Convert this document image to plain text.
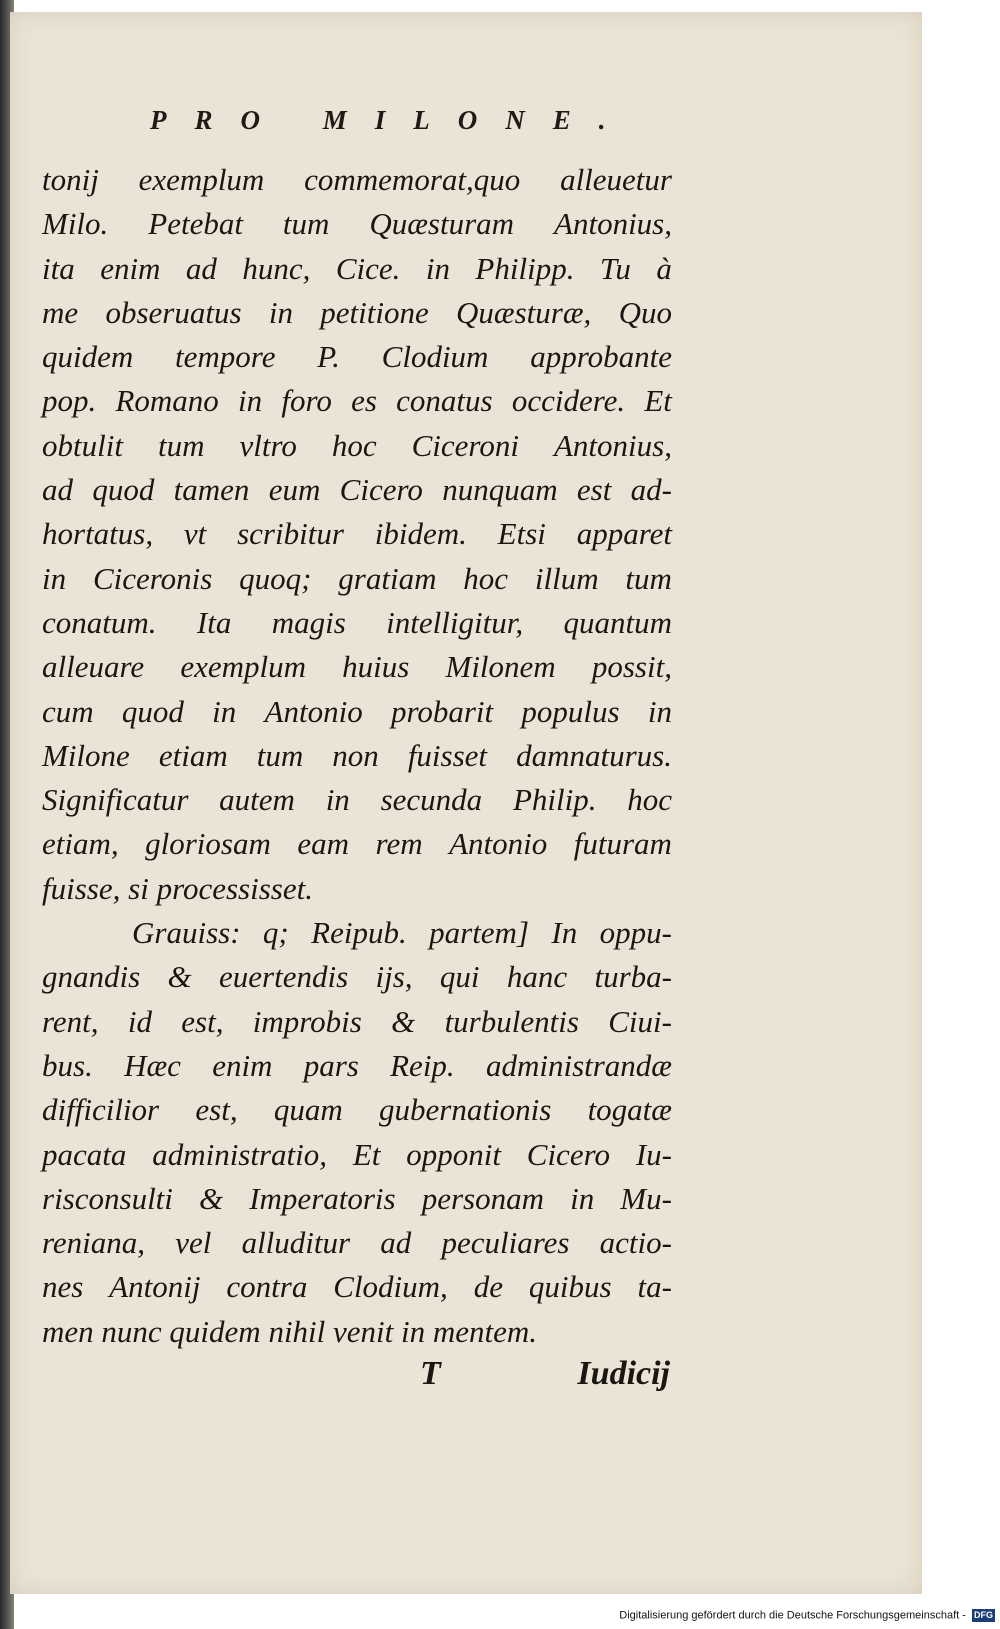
PRO MILONE.
tonij exemplum commemorat,quo alleuetur
Milo. Petebat tum Quæsturam Antonius,
ita enim ad hunc, Cice. in Philipp. Tu à
me obseruatus in petitione Quæsturæ, Quo
quidem tempore P. Clodium approbante
pop. Romano in foro es conatus occidere. Et
obtulit tum vltro hoc Ciceroni Antonius,
ad quod tamen eum Cicero nunquam est ad-
hortatus, vt scribitur ibidem. Etsi apparet
in Ciceronis quoq; gratiam hoc illum tum
conatum. Ita magis intelligitur, quantum
alleuare exemplum huius Milonem possit,
cum quod in Antonio probarit populus in
Milone etiam tum non fuisset damnaturus.
Significatur autem in secunda Philip. hoc
etiam, gloriosam eam rem Antonio futuram
fuisse, si processisset.
Grauiss: q; Reipub. partem] In oppu-
gnandis & euertendis ijs, qui hanc turba-
rent, id est, improbis & turbulentis Ciui-
bus. Hæc enim pars Reip. administrandæ
difficilior est, quam gubernationis togatæ
pacata administratio, Et opponit Cicero Iu-
risconsulti & Imperatoris personam in Mu-
reniana, vel alluditur ad peculiares actio-
nes Antonij contra Clodium, de quibus ta-
men nunc quidem nihil venit in mentem.
T	Iudicij
Digitalisierung gefördert durch die Deutsche Forschungsgemeinschaft - DFG
